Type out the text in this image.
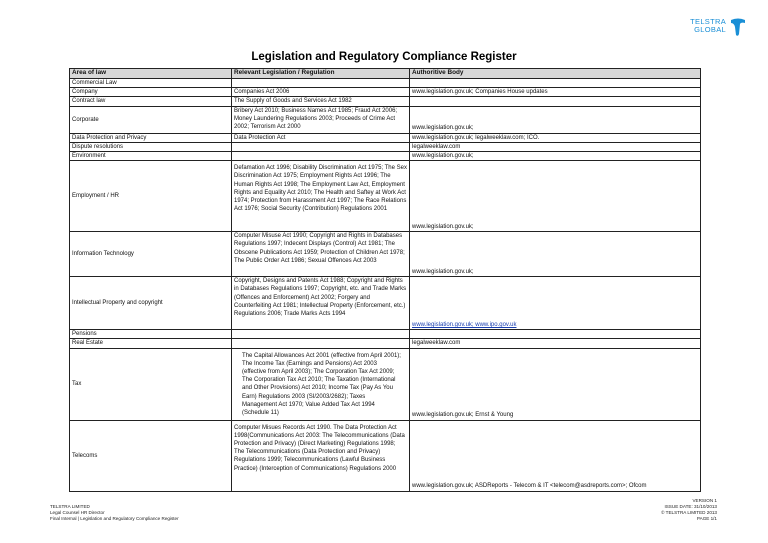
TELSTRA
GLOBAL
Legislation and Regulatory Compliance Register
Area of law	Relevant Legislation / Regulation	Authoritive Body
Commercial Law		
Company	Companies Act 2006	www.legislation.gov.uk; Companies House updates
Contract law	The Supply of Goods and Services Act 1982	
Corporate	Bribery Act 2010; Business Names Act 1985; Fraud Act 2006; Money Laundering Regulations 2003; Proceeds of Crime Act 2002; Terrorism Act 2000	www.legislation.gov.uk;
Data Protection and Privacy	Data Protection Act	www.legislation.gov.uk; legalweeklaw.com; ICO.
Dispute resolutions		legalweeklaw.com
Environment		www.legislation.gov.uk;
Employment / HR	Defamation Act 1996; Disability Discrimination Act 1975; The Sex Discrimination Act 1975; Employment Rights Act 1996; The Human Rights Act 1998; The Employment Law Act, Employment Rights and Equality Act 2010; The Health and Saftey at Work Act 1974; Protection from Harassment Act 1997; The Race Relations Act 1976; Social Security (Contribution) Regulations 2001	www.legislation.gov.uk;
Information Technology	Computer Misuse Act 1990; Copyright and Rights in Databases Regulations 1997; Indecent Displays (Control) Act 1981; The Obscene Publications Act 1959; Protection of Children Act 1978; The Public Order Act 1986; Sexual Offences Act 2003	www.legislation.gov.uk;
Intellectual Property and copyright	Copyright, Designs and Patents Act 1988; Copyright and Rights in Databases Regulations 1997; Copyright, etc. and Trade Marks (Offences and Enforcement) Act 2002; Forgery and Counterfeiting Act 1981; Intellectual Property (Enforcement, etc.) Regulations 2006; Trade Marks Acts 1994	www.legislation.gov.uk; www.ipo.gov.uk
Pensions		
Real Estate		legalweeklaw.com
Tax	The Capital Allowances Act 2001 (effective from April 2001); The Income Tax (Earnings and Pensions) Act 2003 (effective from April 2003); The Corporation Tax Act 2009; The Corporation Tax Act 2010; The Taxation (International and Other Provisions) Act 2010; Income Tax (Pay As You Earn) Regulations 2003 (SI/2003/2682); Taxes Management Act 1970; Value Added Tax Act 1994 (Schedule 11)	www.legislation.gov.uk; Ernst & Young
Telecoms	Computer Misues Records Act 1990. The Data Protection Act 1998(Communications Act 2003: The Telecommunications (Data Protection and Privacy) (Direct Marketing) Regulations 1998; The Telecommunications (Data Protection and Privacy) Regulations 1999; Telecommunications (Lawful Business Practice) (Interception of Communications) Regulations 2000	www.legislation.gov.uk; ASDReports - Telecom & IT <telecom@asdreports.com>; Ofcom
TELSTRA LIMITED
Legal Counsel HR Director
Final Internal | Legislation and Regulatory Compliance Register
VERSION 1
ISSUE DATE: 31/10/2013
© TELSTRA LIMITED 2013
PAGE 1/1
